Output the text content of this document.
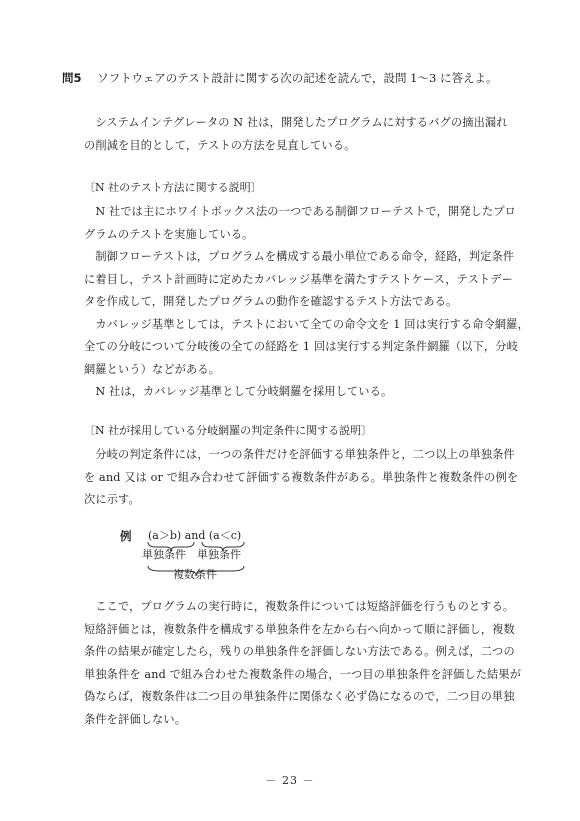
問5 ソフトウェアのテスト設計に関する次の記述を読んで，設問 1〜3 に答えよ。
　システムインテグレータの N 社は，開発したプログラムに対するバグの摘出漏れ
の削減を目的として，テストの方法を見直している。
〔N 社のテスト方法に関する説明〕
　N 社では主にホワイトボックス法の一つである制御フローテストで，開発したプロ
グラムのテストを実施している。
　制御フローテストは，プログラムを構成する最小単位である命令，経路，判定条件
に着目し，テスト計画時に定めたカバレッジ基準を満たすテストケース，テストデー
タを作成して，開発したプログラムの動作を確認するテスト方法である。
　カバレッジ基準としては，テストにおいて全ての命令文を 1 回は実行する命令網羅，
全ての分岐について分岐後の全ての経路を 1 回は実行する判定条件網羅（以下，分岐
網羅という）などがある。
　N 社は，カバレッジ基準として分岐網羅を採用している。
〔N 社が採用している分岐網羅の判定条件に関する説明〕
　分岐の判定条件には，一つの条件だけを評価する単独条件と，二つ以上の単独条件
を and 又は or で組み合わせて評価する複数条件がある。単独条件と複数条件の例を
次に示す。
例 (a＞b) and (a＜c)
単独条件 単独条件
複数条件
　ここで，プログラムの実行時に，複数条件については短絡評価を行うものとする。
短絡評価とは，複数条件を構成する単独条件を左から右へ向かって順に評価し，複数
条件の結果が確定したら，残りの単独条件を評価しない方法である。例えば，二つの
単独条件を and で組み合わせた複数条件の場合，一つ目の単独条件を評価した結果が
偽ならば，複数条件は二つ目の単独条件に関係なく必ず偽になるので，二つ目の単独
条件を評価しない。
－ 23 －
